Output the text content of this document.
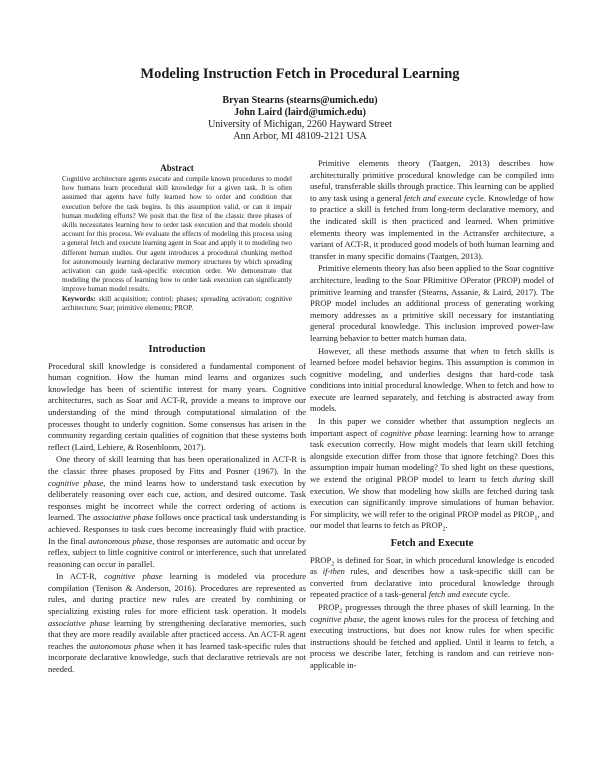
Modeling Instruction Fetch in Procedural Learning
Bryan Stearns (stearns@umich.edu)
John Laird (laird@umich.edu)
University of Michigan, 2260 Hayward Street
Ann Arbor, MI 48109-2121 USA
Abstract

Cognitive architecture agents execute and compile known procedures to model how humans learn procedural skill knowledge for a given task. It is often assumed that agents have fully learned how to order and condition that execution before the task begins. Is this assumption valid, or can it impair human modeling efforts? We posit that the first of the classic three phases of skills necessitates learning how to order task execution and that models should account for this process. We evaluate the effects of modeling this process using a general fetch and execute learning agent in Soar and apply it to modeling two different human studies. Our agent introduces a procedural chunking method for autonomously learning declarative memory structures by which spreading activation can guide task-specific execution order. We demonstrate that modeling the process of learning how to order task execution can significantly improve human model results.

Keywords: skill acquisition; control; phases; spreading activation; cognitive architecture; Soar; primitive elements; PROP.

Introduction

Procedural skill knowledge is considered a fundamental component of human cognition. How the human mind learns and organizes such knowledge has been of scientific interest for many years. Cognitive architectures, such as Soar and ACT-R, provide a means to improve our understanding of the mind through computational simulation of the processes thought to underly cognition. Some consensus has arisen in the community regarding certain qualities of cognition that these systems both reflect (Laird, Lebiere, & Rosenbloom, 2017).

One theory of skill learning that has been operationalized in ACT-R is the classic three phases proposed by Fitts and Posner (1967). In the cognitive phase, the mind learns how to understand task execution by deliberately reasoning over each cue, action, and desired outcome. Task responses might be incorrect while the correct ordering of actions is learned. The associative phase follows once practical task understanding is achieved. Responses to task cues become increasingly fluid with practice. In the final autonomous phase, those responses are automatic and occur by reflex, subject to little cognitive control or interference, such that unrelated reasoning can occur in parallel.

In ACT-R, cognitive phase learning is modeled via procedure compilation (Tenison & Anderson, 2016). Procedures are represented as rules, and during practice new rules are created by combining or specializing existing rules for more efficient task operation. It models associative phase learning by strengthening declarative memories, such that they are more readily available after practiced access. An ACT-R agent reaches the autonomous phase when it has learned task-specific rules that incorporate declarative knowledge, such that declarative retrievals are not needed.

Primitive elements theory (Taatgen, 2013) describes how architecturally primitive procedural knowledge can be compiled into useful, transferable skills through practice. This learning can be applied to any task using a general fetch and execute cycle. Knowledge of how to practice a skill is fetched from long-term declarative memory, and the indicated skill is then practiced and learned. When primitive elements theory was implemented in the Actransfer architecture, a variant of ACT-R, it produced good models of both human learning and transfer in many specific domains (Taatgen, 2013).

Primitive elements theory has also been applied to the Soar cognitive architecture, leading to the Soar PRimitive OPerator (PROP) model of primitive learning and transfer (Stearns, Assanie, & Laird, 2017). The PROP model includes an additional process of generating working memory addresses as a primitive skill necessary for instantiating general procedural knowledge. This inclusion improved power-law learning behavior to better match human data.

However, all these methods assume that when to fetch skills is learned before model behavior begins. This assumption is common in cognitive modeling, and underlies designs that hard-code task conditions into initial procedural knowledge. When to fetch and how to execute are learned separately, and fetching is abstracted away from models.

In this paper we consider whether that assumption neglects an important aspect of cognitive phase learning: learning how to arrange task execution correctly. How might models that learn skill fetching alongside execution differ from those that ignore fetching? Does this assumption impair human modeling? To shed light on these questions, we extend the original PROP model to learn to fetch during skill execution. We show that modeling how skills are fetched during task execution can significantly improve simulations of human behavior. For simplicity, we will refer to the original PROP model as $PROP_1$, and our model that learns to fetch as $PROP_2$.

Fetch and Execute

$PROP_2$ is defined for Soar, in which procedural knowledge is encoded as if-then rules, and describes how a task-specific skill can be converted from declarative into procedural knowledge through repeated practice of a task-general fetch and execute cycle.

$PROP_2$ progresses through the three phases of skill learning. In the cognitive phase, the agent knows rules for the process of fetching and executing instructions, but does not know rules for when specific instructions should be fetched and applied. Until it learns to fetch, a process we describe later, fetching is random and can retrieve non-applicable in-
